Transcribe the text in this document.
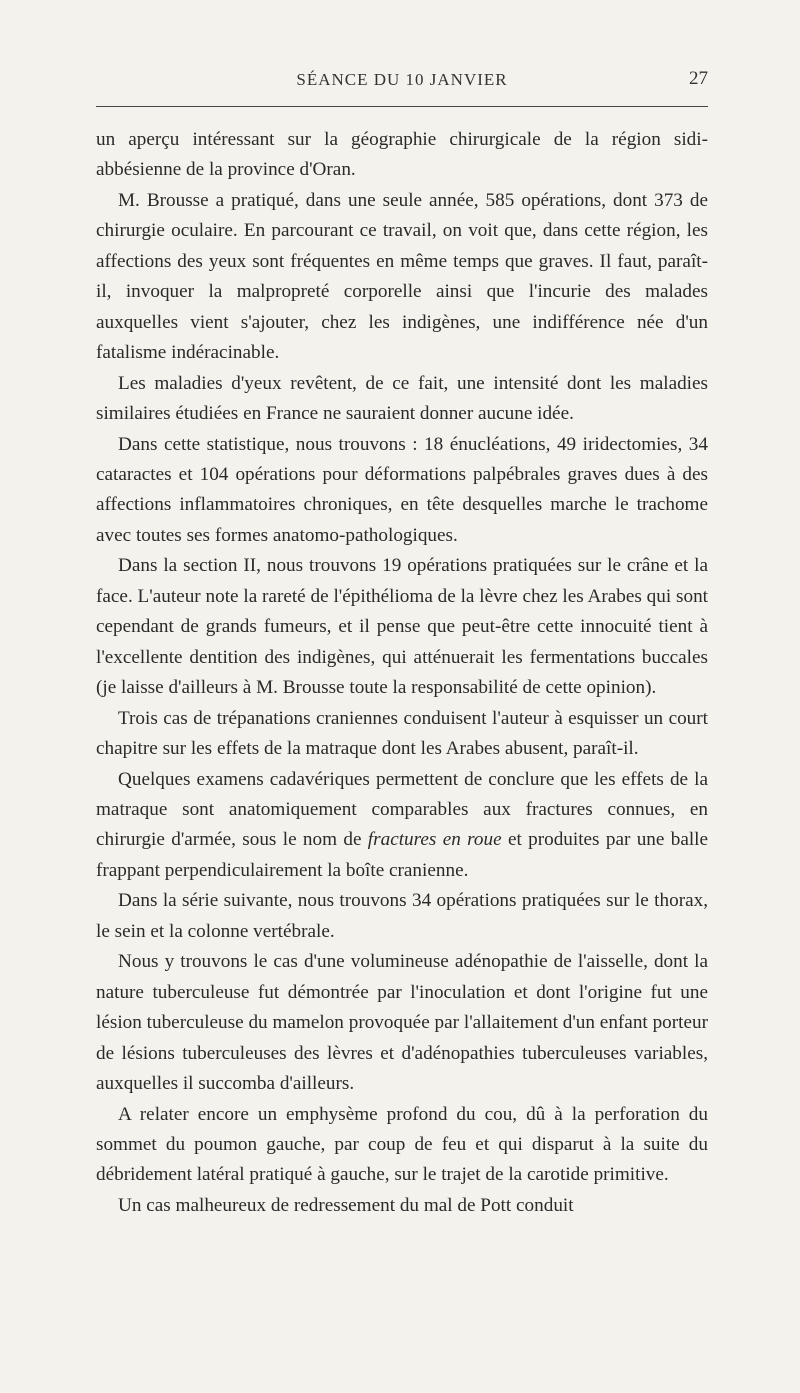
SÉANCE DU 10 JANVIER	27

un aperçu intéressant sur la géographie chirurgicale de la région sidi-abbésienne de la province d'Oran.

M. Brousse a pratiqué, dans une seule année, 585 opérations, dont 373 de chirurgie oculaire. En parcourant ce travail, on voit que, dans cette région, les affections des yeux sont fréquentes en même temps que graves. Il faut, paraît-il, invoquer la malpropreté corporelle ainsi que l'incurie des malades auxquelles vient s'ajouter, chez les indigènes, une indifférence née d'un fatalisme indéracinable.

Les maladies d'yeux revêtent, de ce fait, une intensité dont les maladies similaires étudiées en France ne sauraient donner aucune idée.

Dans cette statistique, nous trouvons : 18 énucléations, 49 iridectomies, 34 cataractes et 104 opérations pour déformations palpébrales graves dues à des affections inflammatoires chroniques, en tête desquelles marche le trachome avec toutes ses formes anatomo-pathologiques.

Dans la section II, nous trouvons 19 opérations pratiquées sur le crâne et la face. L'auteur note la rareté de l'épithélioma de la lèvre chez les Arabes qui sont cependant de grands fumeurs, et il pense que peut-être cette innocuité tient à l'excellente dentition des indigènes, qui atténuerait les fermentations buccales (je laisse d'ailleurs à M. Brousse toute la responsabilité de cette opinion).

Trois cas de trépanations craniennes conduisent l'auteur à esquisser un court chapitre sur les effets de la matraque dont les Arabes abusent, paraît-il.

Quelques examens cadavériques permettent de conclure que les effets de la matraque sont anatomiquement comparables aux fractures connues, en chirurgie d'armée, sous le nom de fractures en roue et produites par une balle frappant perpendiculairement la boîte cranienne.

Dans la série suivante, nous trouvons 34 opérations pratiquées sur le thorax, le sein et la colonne vertébrale.

Nous y trouvons le cas d'une volumineuse adénopathie de l'aisselle, dont la nature tuberculeuse fut démontrée par l'inoculation et dont l'origine fut une lésion tuberculeuse du mamelon provoquée par l'allaitement d'un enfant porteur de lésions tuberculeuses des lèvres et d'adénopathies tuberculeuses variables, auxquelles il succomba d'ailleurs.

A relater encore un emphysème profond du cou, dû à la perforation du sommet du poumon gauche, par coup de feu et qui disparut à la suite du débridement latéral pratiqué à gauche, sur le trajet de la carotide primitive.

Un cas malheureux de redressement du mal de Pott conduit
